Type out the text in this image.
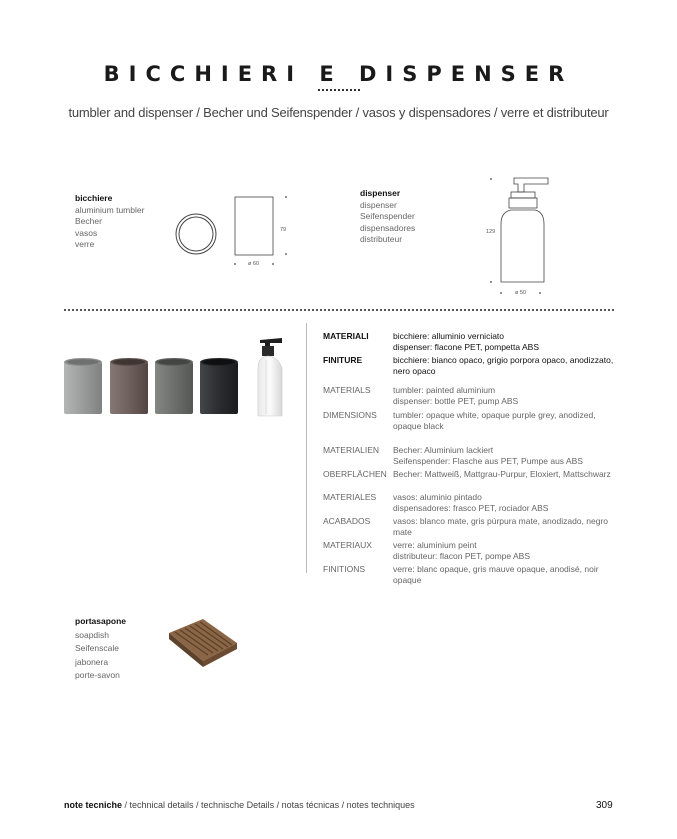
BICCHIERI E DISPENSER
tumbler and dispenser / Becher und Seifenspender / vasos y dispensadores / verre et distributeur
bicchiere
aluminium tumbler
Becher
vasos
verre
79
ø 60
dispenser
dispenser
Seifenspender
dispensadores
distributeur
129
ø 50
MATERIALI	bicchiere: alluminio verniciato
dispenser: flacone PET, pompetta ABS
FINITURE	bicchiere: bianco opaco, grigio porpora opaco, anodizzato,
nero opaco
MATERIALS	tumbler: painted aluminium
dispenser: bottle PET, pump ABS
DIMENSIONS	tumbler: opaque white, opaque purple grey, anodized,
opaque black
MATERIALIEN	Becher: Aluminium lackiert
Seifenspender: Flasche aus PET, Pumpe aus ABS
OBERFLÄCHEN Becher: Mattweiß, Mattgrau-Purpur, Eloxiert, Mattschwarz
MATERIALES	vasos: aluminio pintado
dispensadores: frasco PET, rociador ABS
ACABADOS	vasos: blanco mate, gris púrpura mate, anodizado, negro mate
MATERIAUX	verre: aluminium peint
distributeur: flacon PET, pompe ABS
FINITIONS	verre: blanc opaque, gris mauve opaque, anodisé, noir opaque
portasapone
soapdish
Seifenscale
jabonera
porte-savon
note tecniche / technical details / technische Details / notas técnicas / notes techniques	309
